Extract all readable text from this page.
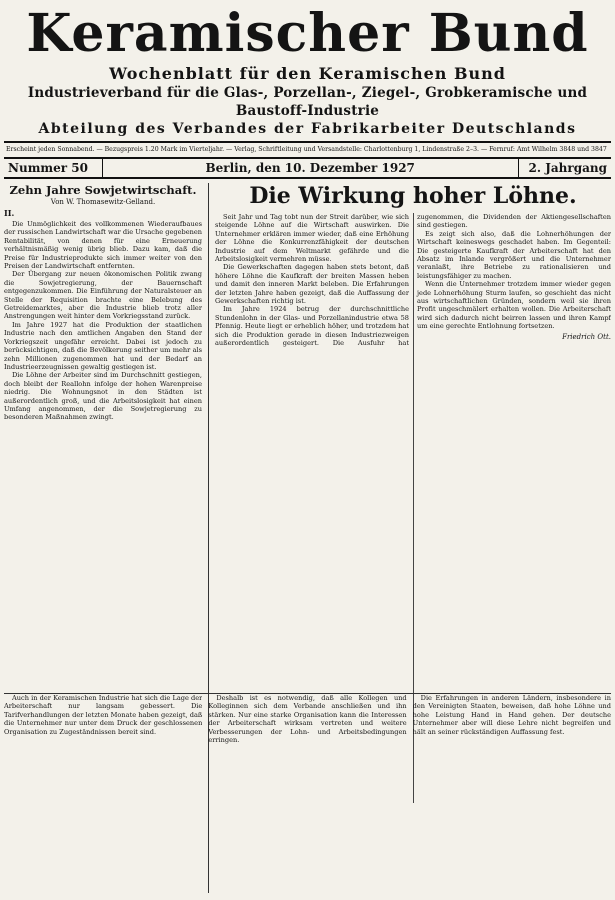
Keramischer Bund
Wochenblatt für den Keramischen Bund
Industrieverband für die Glas-, Porzellan-, Ziegel-, Grobkeramische und Baustoff-Industrie
Abteilung des Verbandes der Fabrikarbeiter Deutschlands
Erscheint jeden Sonnabend. — Bezugspreis 1.20 Mark im Vierteljahr. — Verlag, Schriftleitung und Versandstelle: Charlottenburg 1, Lindenstraße 2–3. — Fernruf: Amt Wilhelm 3848 und 3847
Nummer 50	Berlin, den 10. Dezember 1927	2. Jahrgang
Zehn Jahre Sowjetwirtschaft.
Von W. Thomasewitz-Gelland.
II.

Die Unmöglichkeit des vollkommenen Wiederaufbaues der russischen Landwirtschaft war die Ursache gegebenen Rentabilität, von denen für eine Erneuerung verhältnismäßig wenig übrig blieb. Dazu kam, daß die Preise für Industrieprodukte sich immer weiter von den Preisen der Landwirtschaft entfernten.

Der Übergang zur neuen ökonomischen Politik zwang die Sowjetregierung, der Bauernschaft entgegenzukommen. Die Einführung der Naturalsteuer an Stelle der Requisition brachte eine Belebung des Getreidemarktes, aber die Industrie blieb trotz aller Anstrengungen weit hinter dem Vorkriegsstand zurück.

Im Jahre 1927 hat die Produktion der staatlichen Industrie nach den amtlichen Angaben den Stand der Vorkriegszeit ungefähr erreicht. Dabei ist jedoch zu berücksichtigen, daß die Bevölkerung seither um mehr als zehn Millionen zugenommen hat und der Bedarf an Industrieerzeugnissen gewaltig gestiegen ist.

Die Löhne der Arbeiter sind im Durchschnitt gestiegen, doch bleibt der Reallohn infolge der hohen Warenpreise niedrig. Die Wohnungsnot in den Städten ist außerordentlich groß, und die Arbeitslosigkeit hat einen Umfang angenommen, der die Sowjetregierung zu besonderen Maßnahmen zwingt.

Die Wirkung hoher Löhne.

Seit Jahr und Tag tobt nun der Streit darüber, wie sich steigende Löhne auf die Wirtschaft auswirken. Die Unternehmer erklären immer wieder, daß eine Erhöhung der Löhne die Konkurrenzfähigkeit der deutschen Industrie auf dem Weltmarkt gefährde und die Arbeitslosigkeit vermehren müsse.

Die Gewerkschaften dagegen haben stets betont, daß höhere Löhne die Kaufkraft der breiten Massen heben und damit den inneren Markt beleben. Die Erfahrungen der letzten Jahre haben gezeigt, daß die Auffassung der Gewerkschaften richtig ist.

Im Jahre 1924 betrug der durchschnittliche Stundenlohn in der Glas- und Porzellanindustrie etwa 58 Pfennig. Heute liegt er erheblich höher, und trotzdem hat sich die Produktion gerade in diesen Industriezweigen außerordentlich gesteigert. Die Ausfuhr hat zugenommen, die Dividenden der Aktiengesellschaften sind gestiegen.

Es zeigt sich also, daß die Lohnerhöhungen der Wirtschaft keineswegs geschadet haben. Im Gegenteil: Die gesteigerte Kaufkraft der Arbeiterschaft hat den Absatz im Inlande vergrößert und die Unternehmer veranlaßt, ihre Betriebe zu rationalisieren und leistungsfähiger zu machen.

Wenn die Unternehmer trotzdem immer wieder gegen jede Lohnerhöhung Sturm laufen, so geschieht das nicht aus wirtschaftlichen Gründen, sondern weil sie ihren Profit ungeschmälert erhalten wollen. Die Arbeiterschaft wird sich dadurch nicht beirren lassen und ihren Kampf um eine gerechte Entlohnung fortsetzen.

Friedrich Ott.

Auch in der Keramischen Industrie hat sich die Lage der Arbeiterschaft nur langsam gebessert. Die Tarifverhandlungen der letzten Monate haben gezeigt, daß die Unternehmer nur unter dem Druck der geschlossenen Organisation zu Zugeständnissen bereit sind.

Deshalb ist es notwendig, daß alle Kollegen und Kolleginnen sich dem Verbande anschließen und ihn stärken. Nur eine starke Organisation kann die Interessen der Arbeiterschaft wirksam vertreten und weitere Verbesserungen der Lohn- und Arbeitsbedingungen erringen.

Die Erfahrungen in anderen Ländern, insbesondere in den Vereinigten Staaten, beweisen, daß hohe Löhne und hohe Leistung Hand in Hand gehen. Der deutsche Unternehmer aber will diese Lehre nicht begreifen und hält an seiner rückständigen Auffassung fest.
